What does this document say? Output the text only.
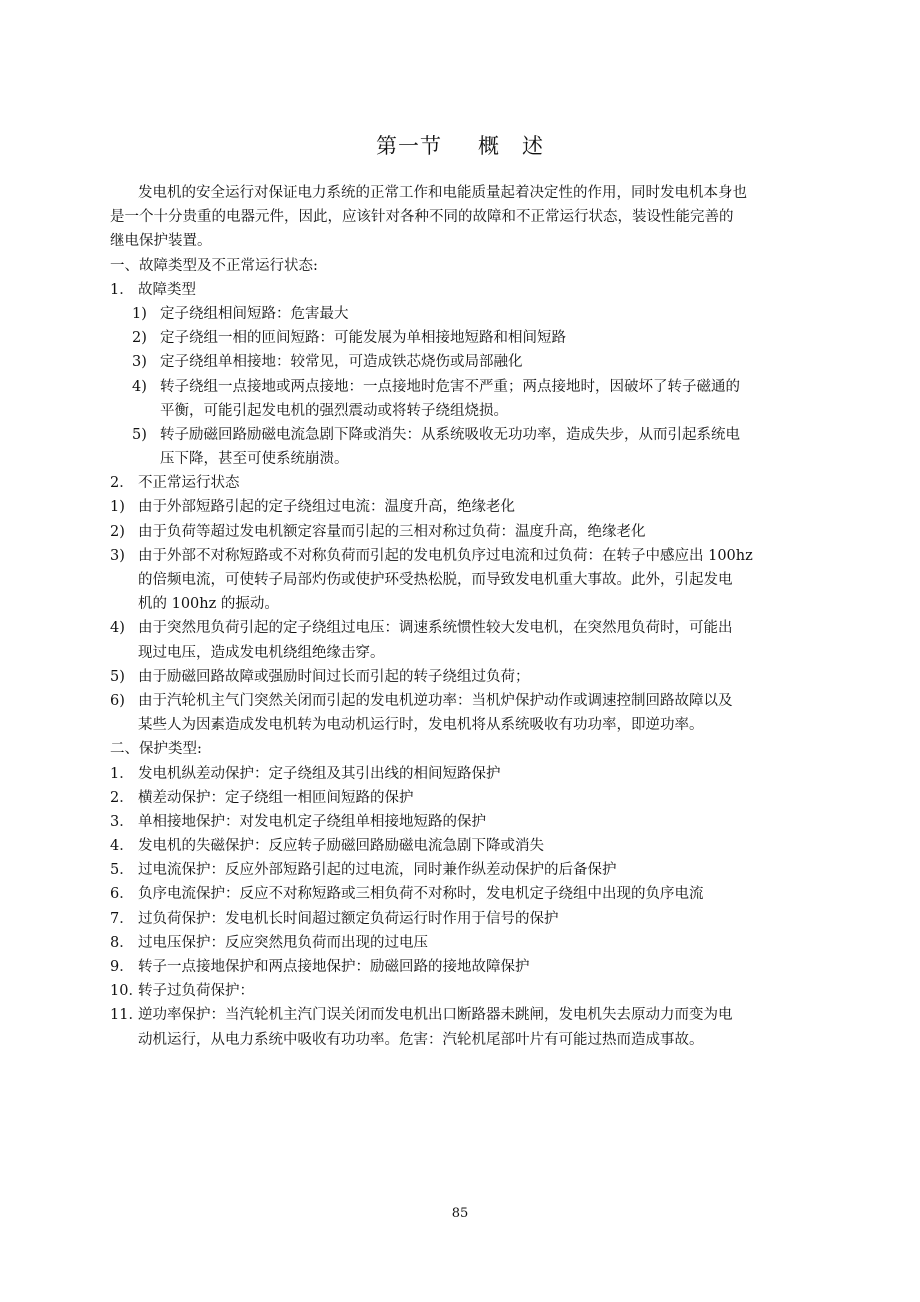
第一节 概　述
发电机的安全运行对保证电力系统的正常工作和电能质量起着决定性的作用，同时发电机本身也
是一个十分贵重的电器元件，因此，应该针对各种不同的故障和不正常运行状态，装设性能完善的
继电保护装置。
一、故障类型及不正常运行状态:
1． 故障类型
1) 定子绕组相间短路：危害最大
2) 定子绕组一相的匝间短路：可能发展为单相接地短路和相间短路
3) 定子绕组单相接地：较常见，可造成铁芯烧伤或局部融化
4) 转子绕组一点接地或两点接地：一点接地时危害不严重；两点接地时，因破坏了转子磁通的
平衡，可能引起发电机的强烈震动或将转子绕组烧损。
5) 转子励磁回路励磁电流急剧下降或消失：从系统吸收无功功率，造成失步，从而引起系统电
压下降，甚至可使系统崩溃。
2． 不正常运行状态
1) 由于外部短路引起的定子绕组过电流：温度升高，绝缘老化
2) 由于负荷等超过发电机额定容量而引起的三相对称过负荷：温度升高，绝缘老化
3) 由于外部不对称短路或不对称负荷而引起的发电机负序过电流和过负荷：在转子中感应出 100hz
的倍频电流，可使转子局部灼伤或使护环受热松脱，而导致发电机重大事故。此外，引起发电
机的 100hz 的振动。
4) 由于突然甩负荷引起的定子绕组过电压：调速系统惯性较大发电机，在突然甩负荷时，可能出
现过电压，造成发电机绕组绝缘击穿。
5) 由于励磁回路故障或强励时间过长而引起的转子绕组过负荷；
6) 由于汽轮机主气门突然关闭而引起的发电机逆功率：当机炉保护动作或调速控制回路故障以及
某些人为因素造成发电机转为电动机运行时，发电机将从系统吸收有功功率，即逆功率。
二、保护类型:
1． 发电机纵差动保护：定子绕组及其引出线的相间短路保护
2． 横差动保护：定子绕组一相匝间短路的保护
3． 单相接地保护：对发电机定子绕组单相接地短路的保护
4． 发电机的失磁保护：反应转子励磁回路励磁电流急剧下降或消失
5． 过电流保护：反应外部短路引起的过电流，同时兼作纵差动保护的后备保护
6． 负序电流保护：反应不对称短路或三相负荷不对称时，发电机定子绕组中出现的负序电流
7． 过负荷保护：发电机长时间超过额定负荷运行时作用于信号的保护
8． 过电压保护：反应突然甩负荷而出现的过电压
9． 转子一点接地保护和两点接地保护：励磁回路的接地故障保护
10．
转子过负荷保护：
11．
逆功率保护：当汽轮机主汽门误关闭而发电机出口断路器未跳闸，发电机失去原动力而变为电
动机运行，从电力系统中吸收有功功率。危害：汽轮机尾部叶片有可能过热而造成事故。
85
